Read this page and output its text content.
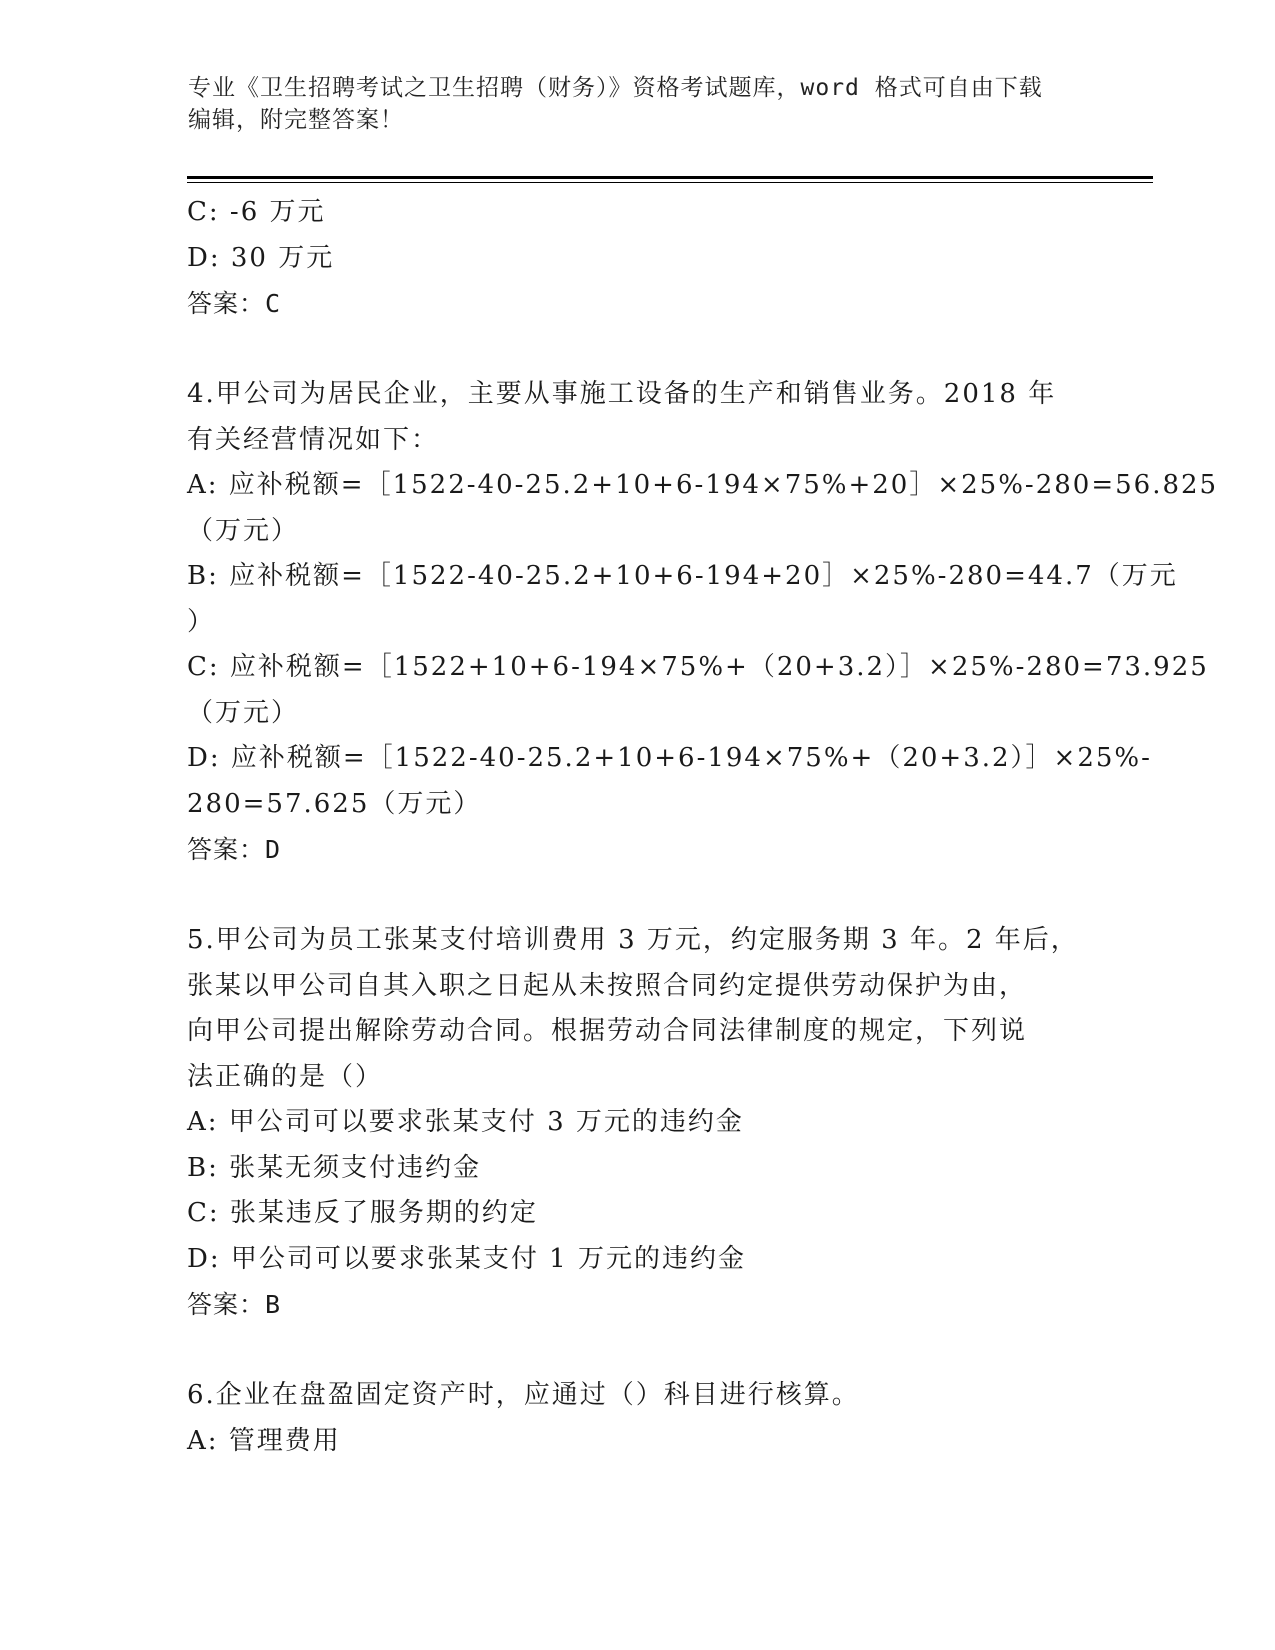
专业《卫生招聘考试之卫生招聘（财务）》资格考试题库，word 格式可自由下载
编辑，附完整答案！
C: -6 万元
D: 30 万元
答案：C
4.甲公司为居民企业，主要从事施工设备的生产和销售业务。2018 年
有关经营情况如下：
A: 应补税额=［1522-40-25.2+10+6-194×75%+20］×25%-280=56.825
（万元）
B: 应补税额=［1522-40-25.2+10+6-194+20］×25%-280=44.7（万元
）
C: 应补税额=［1522+10+6-194×75%+（20+3.2）］×25%-280=73.925
（万元）
D: 应补税额=［1522-40-25.2+10+6-194×75%+（20+3.2）］×25%-
280=57.625（万元）
答案：D
5.甲公司为员工张某支付培训费用 3 万元，约定服务期 3 年。2 年后，
张某以甲公司自其入职之日起从未按照合同约定提供劳动保护为由，
向甲公司提出解除劳动合同。根据劳动合同法律制度的规定，下列说
法正确的是（）
A: 甲公司可以要求张某支付 3 万元的违约金
B: 张某无须支付违约金
C: 张某违反了服务期的约定
D: 甲公司可以要求张某支付 1 万元的违约金
答案：B
6.企业在盘盈固定资产时，应通过（）科目进行核算。
A: 管理费用
